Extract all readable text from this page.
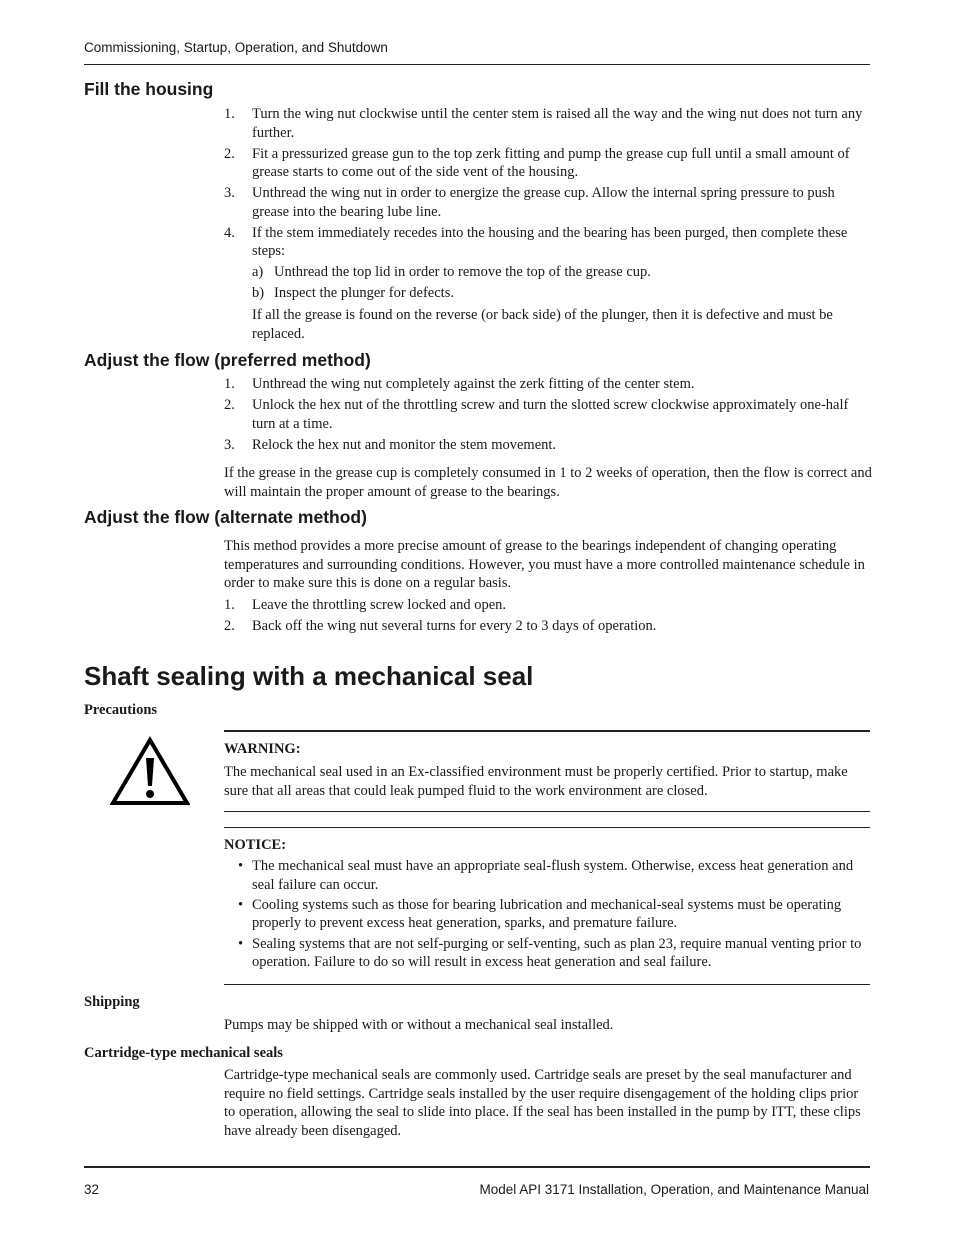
Commissioning, Startup, Operation, and Shutdown
Fill the housing
1. Turn the wing nut clockwise until the center stem is raised all the way and the wing nut does not turn any further.
2. Fit a pressurized grease gun to the top zerk fitting and pump the grease cup full until a small amount of grease starts to come out of the side vent of the housing.
3. Unthread the wing nut in order to energize the grease cup. Allow the internal spring pressure to push grease into the bearing lube line.
4. If the stem immediately recedes into the housing and the bearing has been purged, then complete these steps:
a) Unthread the top lid in order to remove the top of the grease cup.
b) Inspect the plunger for defects.
If all the grease is found on the reverse (or back side) of the plunger, then it is defective and must be replaced.
Adjust the flow (preferred method)
1. Unthread the wing nut completely against the zerk fitting of the center stem.
2. Unlock the hex nut of the throttling screw and turn the slotted screw clockwise approximately one-half turn at a time.
3. Relock the hex nut and monitor the stem movement.
If the grease in the grease cup is completely consumed in 1 to 2 weeks of operation, then the flow is correct and will maintain the proper amount of grease to the bearings.
Adjust the flow (alternate method)
This method provides a more precise amount of grease to the bearings independent of changing operating temperatures and surrounding conditions. However, you must have a more controlled maintenance schedule in order to make sure this is done on a regular basis.
1. Leave the throttling screw locked and open.
2. Back off the wing nut several turns for every 2 to 3 days of operation.
Shaft sealing with a mechanical seal
Precautions
WARNING:
The mechanical seal used in an Ex-classified environment must be properly certified. Prior to startup, make sure that all areas that could leak pumped fluid to the work environment are closed.
NOTICE:
• The mechanical seal must have an appropriate seal-flush system. Otherwise, excess heat generation and seal failure can occur.
• Cooling systems such as those for bearing lubrication and mechanical-seal systems must be operating properly to prevent excess heat generation, sparks, and premature failure.
• Sealing systems that are not self-purging or self-venting, such as plan 23, require manual venting prior to operation. Failure to do so will result in excess heat generation and seal failure.
Shipping
Pumps may be shipped with or without a mechanical seal installed.
Cartridge-type mechanical seals
Cartridge-type mechanical seals are commonly used. Cartridge seals are preset by the seal manufacturer and require no field settings. Cartridge seals installed by the user require disengagement of the holding clips prior to operation, allowing the seal to slide into place. If the seal has been installed in the pump by ITT, these clips have already been disengaged.
32	Model API 3171 Installation, Operation, and Maintenance Manual
